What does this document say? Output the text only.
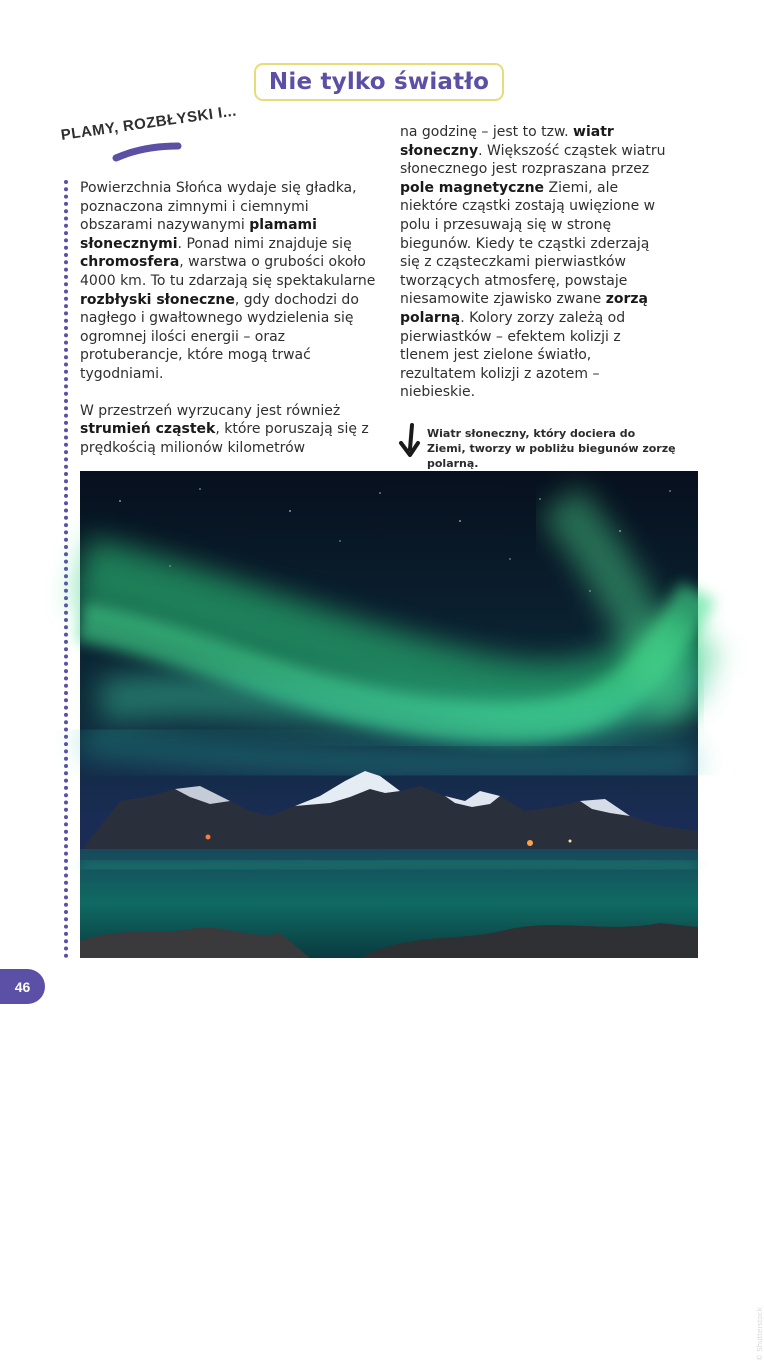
Nie tylko światło
PLAMY, ROZBŁYSKI I...

Powierzchnia Słońca wydaje się gładka, poznaczona zimnymi i ciemnymi obszarami nazywanymi plamami słonecznymi. Ponad nimi znajduje się chromosfera, warstwa o grubości około 4000 km. To tu zdarzają się spektakularne rozbłyski słoneczne, gdy dochodzi do nagłego i gwałtownego wydzielenia się ogromnej ilości energii – oraz protuberancje, które mogą trwać tygodniami.

W przestrzeń wyrzucany jest również strumień cząstek, które poruszają się z prędkością milionów kilometrów

na godzinę – jest to tzw. wiatr słoneczny. Większość cząstek wiatru słonecznego jest rozpraszana przez pole magnetyczne Ziemi, ale niektóre cząstki zostają uwięzione w polu i przesuwają się w stronę biegunów. Kiedy te cząstki zderzają się z cząsteczkami pierwiastków tworzących atmosferę, powstaje niesamowite zjawisko zwane zorzą polarną. Kolory zorzy zależą od pierwiastków – efektem kolizji z tlenem jest zielone światło, rezultatem kolizji z azotem – niebieskie.

Wiatr słoneczny, który dociera do Ziemi, tworzy w pobliżu biegunów zorzę polarną.

© Shutterstock
46
